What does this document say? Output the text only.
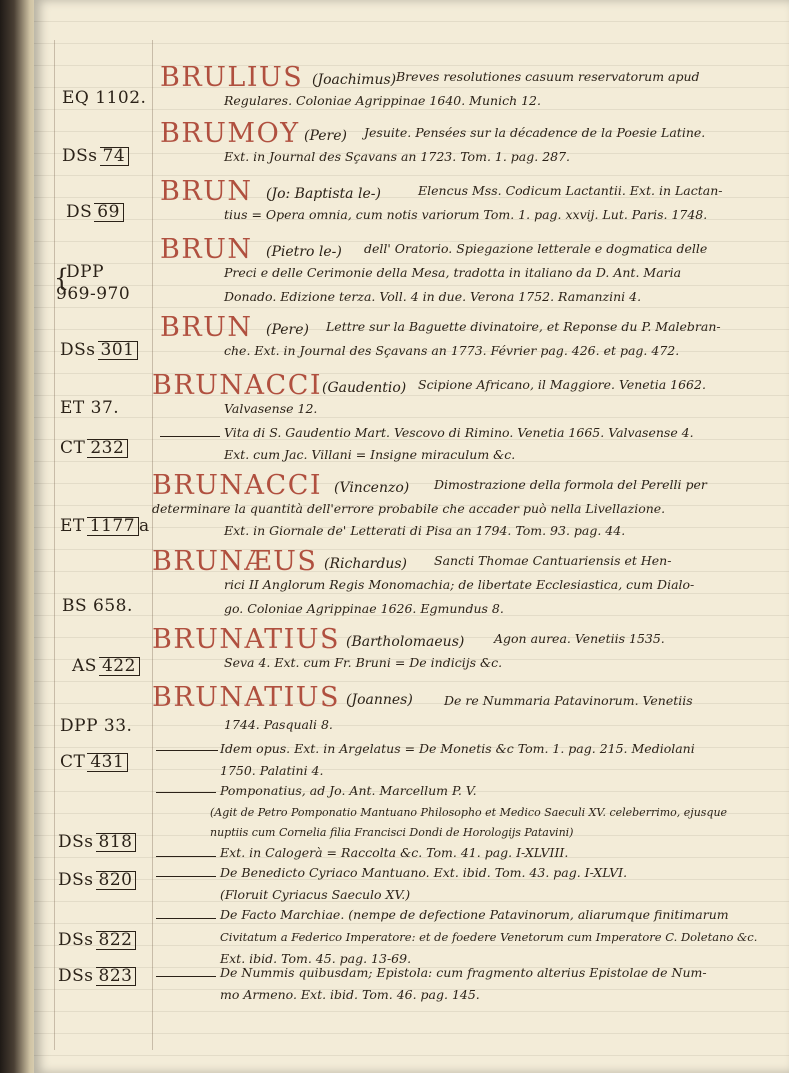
EQ 1102.
BRULIUS (Joachimus) Breves resolutiones casuum reservatorum apud
Regulares. Coloniae Agrippinae 1640. Munich 12.
DSs 74
BRUMOY (Pere) Jesuite. Pensées sur la décadence de la Poesie Latine.
Ext. in Journal des Sçavans an 1723. Tom. 1. pag. 287.
DS 69
BRUN (Jo: Baptista le-)	Elencus Mss. Codicum Lactantii. Ext. in Lactan-
tius = Opera omnia, cum notis variorum Tom. 1. pag. xxvij. Lut. Paris. 1748.
{
DPP
969-970
BRUN (Pietro le-) dell' Oratorio. Spiegazione letterale e dogmatica delle
Preci e delle Cerimonie della Mesa, tradotta in italiano da D. Ant. Maria
Donado. Edizione terza. Voll. 4 in due. Verona 1752. Ramanzini 4.
DSs 301
BRUN (Pere) Lettre sur la Baguette divinatoire, et Reponse du P. Malebran-
che. Ext. in Journal des Sçavans an 1773. Février pag. 426. et pag. 472.
ET 37.
CT 232
BRUNACCI (Gaudentio) Scipione Africano, il Maggiore. Venetia 1662.
Valvasense 12.
Vita di S. Gaudentio Mart. Vescovo di Rimino. Venetia 1665. Valvasense 4.
Ext. cum Jac. Villani = Insigne miraculum &c.
ET 1177 a
BRUNACCI (Vincenzo) Dimostrazione della formola del Perelli per
determinare la quantità dell'errore probabile che accader può nella Livellazione.
Ext. in Giornale de' Letterati di Pisa an 1794. Tom. 93. pag. 44.
BS 658.
BRUNÆUS (Richardus) Sancti Thomae Cantuariensis et Hen-
rici II Anglorum Regis Monomachia; de libertate Ecclesiastica, cum Dialo-
go. Coloniae Agrippinae 1626. Egmundus 8.
AS 422
BRUNATIUS (Bartholomaeus) Agon aurea. Venetiis 1535.
Seva 4. Ext. cum Fr. Bruni = De indicijs &c.
DPP 33.
BRUNATIUS (Joannes) De re Nummaria Patavinorum. Venetiis
1744. Pasquali 8.
CT 431
Idem opus. Ext. in Argelatus = De Monetis &c Tom. 1. pag. 215. Mediolani
1750. Palatini 4.
Pomponatius, ad Jo. Ant. Marcellum P. V.
(Agit de Petro Pomponatio Mantuano Philosopho et Medico Saeculi XV. celeberrimo, ejusque
nuptiis cum Cornelia filia Francisci Dondi de Horologijs Patavini)
DSs 818
Ext. in Calogerà = Raccolta &c. Tom. 41. pag. I-XLVIII.
DSs 820	De Benedicto Cyriaco Mantuano. Ext. ibid. Tom. 43. pag. I-XLVI.
(Floruit Cyriacus Saeculo XV.)
De Facto Marchiae. (nempe de defectione Patavinorum, aliarumque finitimarum
Civitatum a Federico Imperatore: et de foedere Venetorum cum Imperatore C. Doletano &c.
DSs 822
Ext. ibid. Tom. 45. pag. 13-69.
De Nummis quibusdam; Epistola: cum fragmento alterius Epistolae de Num-
DSs 823
mo Armeno. Ext. ibid. Tom. 46. pag. 145.
